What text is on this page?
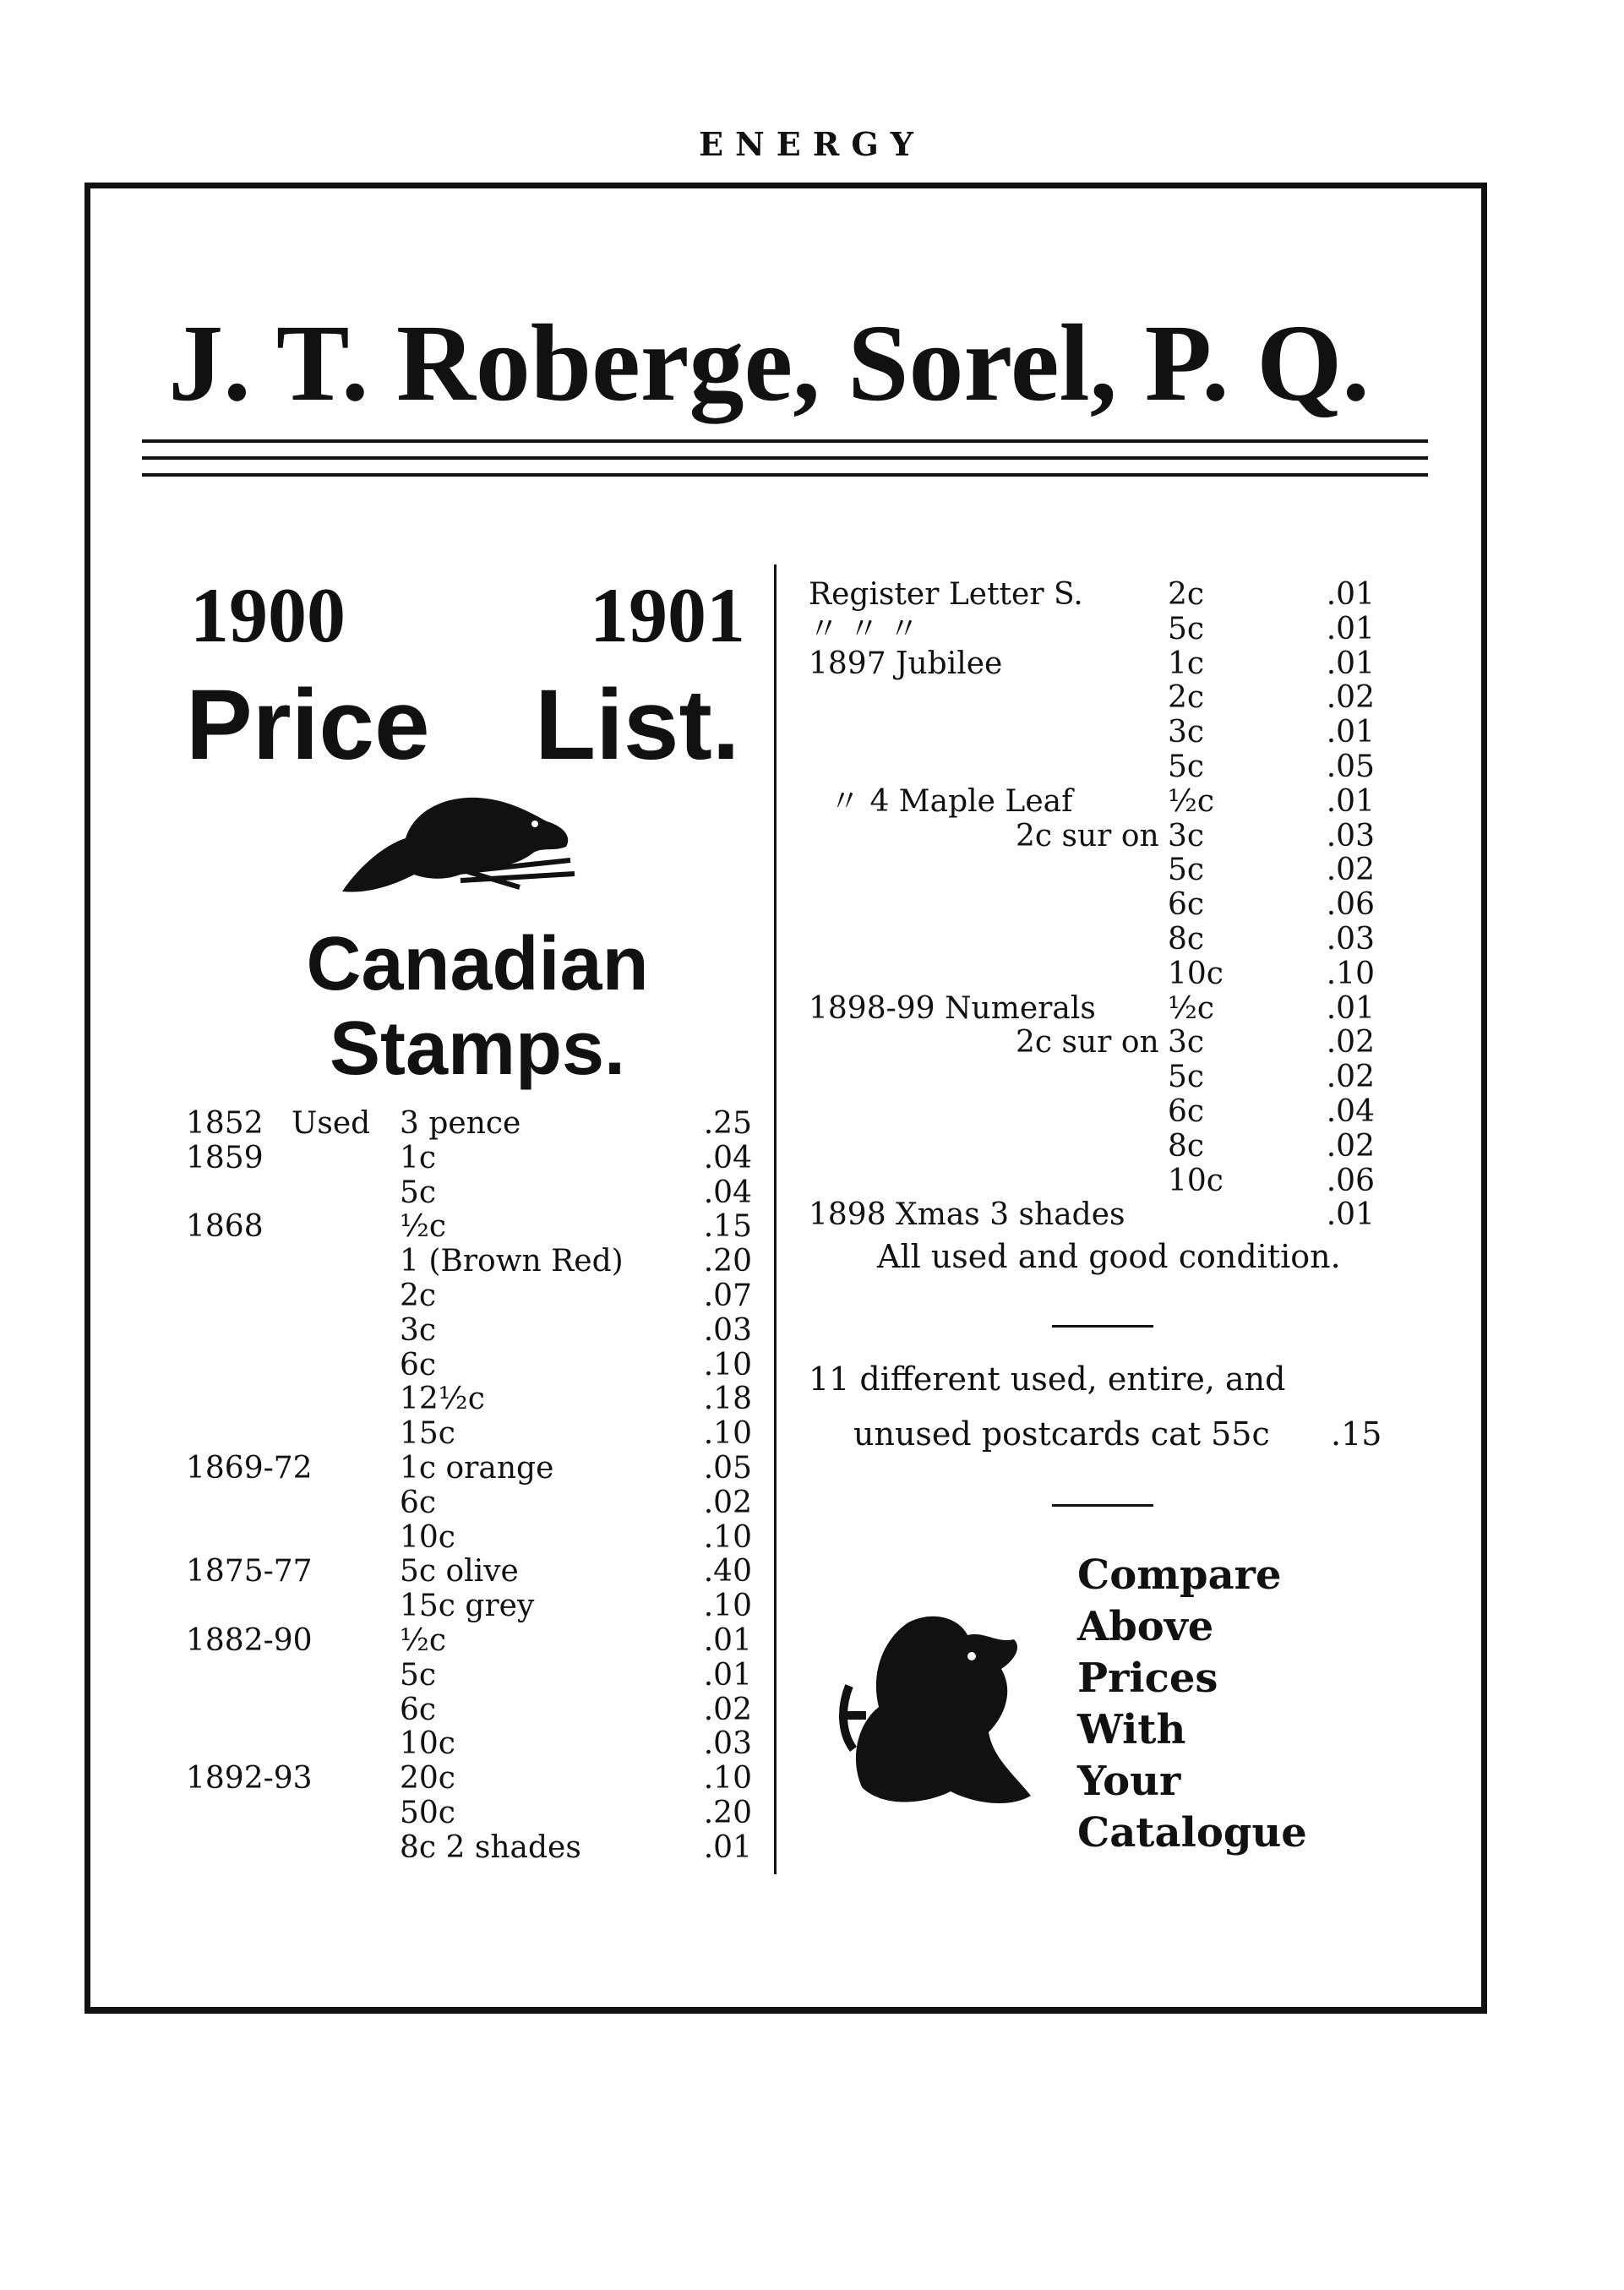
ENERGY
J. T. Roberge, Sorel, P. Q.
1900	1901
Price List.
Canadian
Stamps.
1852 Used 3 pence	.25
1859	1c	.04
5c	.04
1868	½c	.15
1 (Brown Red)	.20
2c	.07
3c	.03
6c	.10
12½c	.18
15c	.10
1869-72	1c orange	.05
6c	.02
10c	.10
1875-77	5c olive	.40
15c grey	.10
1882-90	½c	.01
5c	.01
6c	.02
10c	.03
1892-93	20c	.10
50c	.20
8c 2 shades	.01
Register Letter S.	2c	.01
〃 〃 〃	5c	.01
1897 Jubilee	1c	.01
2c	.02
3c	.01
5c	.05
〃 4 Maple Leaf	½c	.01
2c sur on 3c	.03
5c	.02
6c	.06
8c	.03
10c	.10
1898-99 Numerals ½c	.01
2c sur on 3c	.02
5c	.02
6c	.04
8c	.02
10c	.06
1898 Xmas 3 shades	.01
All used and good condition.
11 different used, entire, and
unused postcards cat 55c .15
Compare
Above
Prices
With
Your
Catalogue
